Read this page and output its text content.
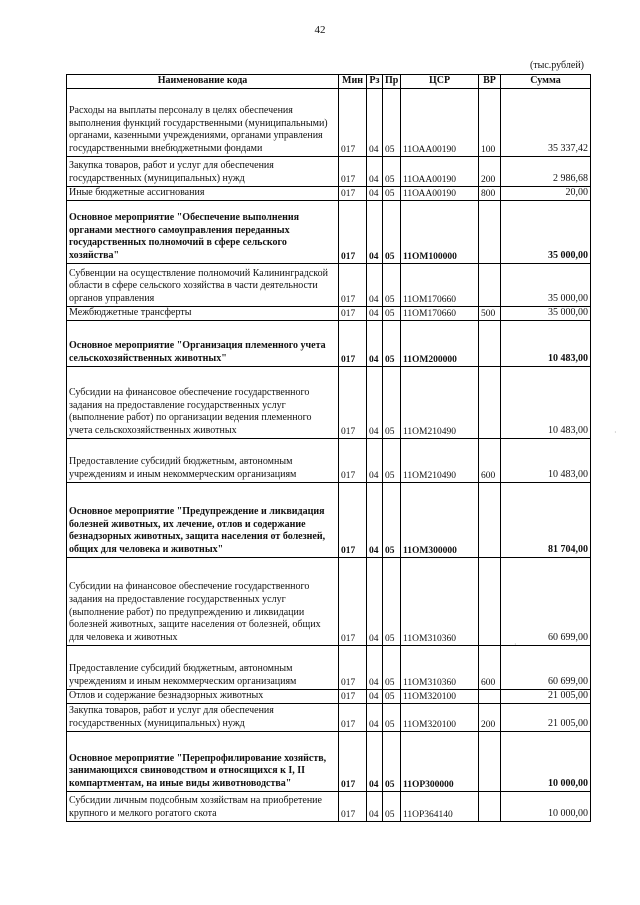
42
(тыс.рублей)
Наименование кода	Мин	Рз	Пр	ЦСР	ВР	Сумма
Расходы на выплаты персоналу в целях обеспечения выполнения функций государственными (муниципальными) органами, казенными учреждениями, органами управления государственными внебюджетными фондами	017	04	05	11ОАА00190	100	35 337,42
Закупка товаров, работ и услуг для обеспечения государственных (муниципальных) нужд	017	04	05	11ОАА00190	200	2 986,68
Иные бюджетные ассигнования	017	04	05	11ОАА00190	800	20,00
Основное мероприятие "Обеспечение выполнения органами местного самоуправления переданных государственных полномочий в сфере сельского хозяйства"	017	04	05	11ОМ100000		35 000,00
Субвенции на осуществление полномочий Калининградской области в сфере сельского хозяйства в части деятельности органов управления	017	04	05	11ОМ170660		35 000,00
Межбюджетные трансферты	017	04	05	11ОМ170660	500	35 000,00
Основное мероприятие "Организация племенного учета сельскохозяйственных животных"	017	04	05	11ОМ200000		10 483,00
Субсидии на финансовое обеспечение государственного задания на предоставление государственных услуг (выполнение работ) по организации ведения племенного учета сельскохозяйственных животных	017	04	05	11ОМ210490		10 483,00
Предоставление субсидий бюджетным, автономным учреждениям и иным некоммерческим организациям	017	04	05	11ОМ210490	600	10 483,00
Основное мероприятие "Предупреждение и ликвидация болезней животных, их лечение, отлов и содержание безнадзорных животных, защита населения от болезней, общих для человека и животных"	017	04	05	11ОМ300000		81 704,00
Субсидии на финансовое обеспечение государственного задания на предоставление государственных услуг (выполнение работ) по предупреждению и ликвидации болезней животных, защите населения от болезней, общих для человека и животных	017	04	05	11ОМ310360		60 699,00
Предоставление субсидий бюджетным, автономным учреждениям и иным некоммерческим организациям	017	04	05	11ОМ310360	600	60 699,00
Отлов и содержание безнадзорных животных	017	04	05	11ОМ320100		21 005,00
Закупка товаров, работ и услуг для обеспечения государственных (муниципальных) нужд	017	04	05	11ОМ320100	200	21 005,00
Основное мероприятие "Перепрофилирование хозяйств, занимающихся свиноводством и относящихся к I, II компартментам, на иные виды животноводства"	017	04	05	11ОР300000		10 000,00
Субсидии личным подсобным хозяйствам на приобретение крупного и мелкого рогатого скота	017	04	05	11ОР364140		10 000,00
·
·
